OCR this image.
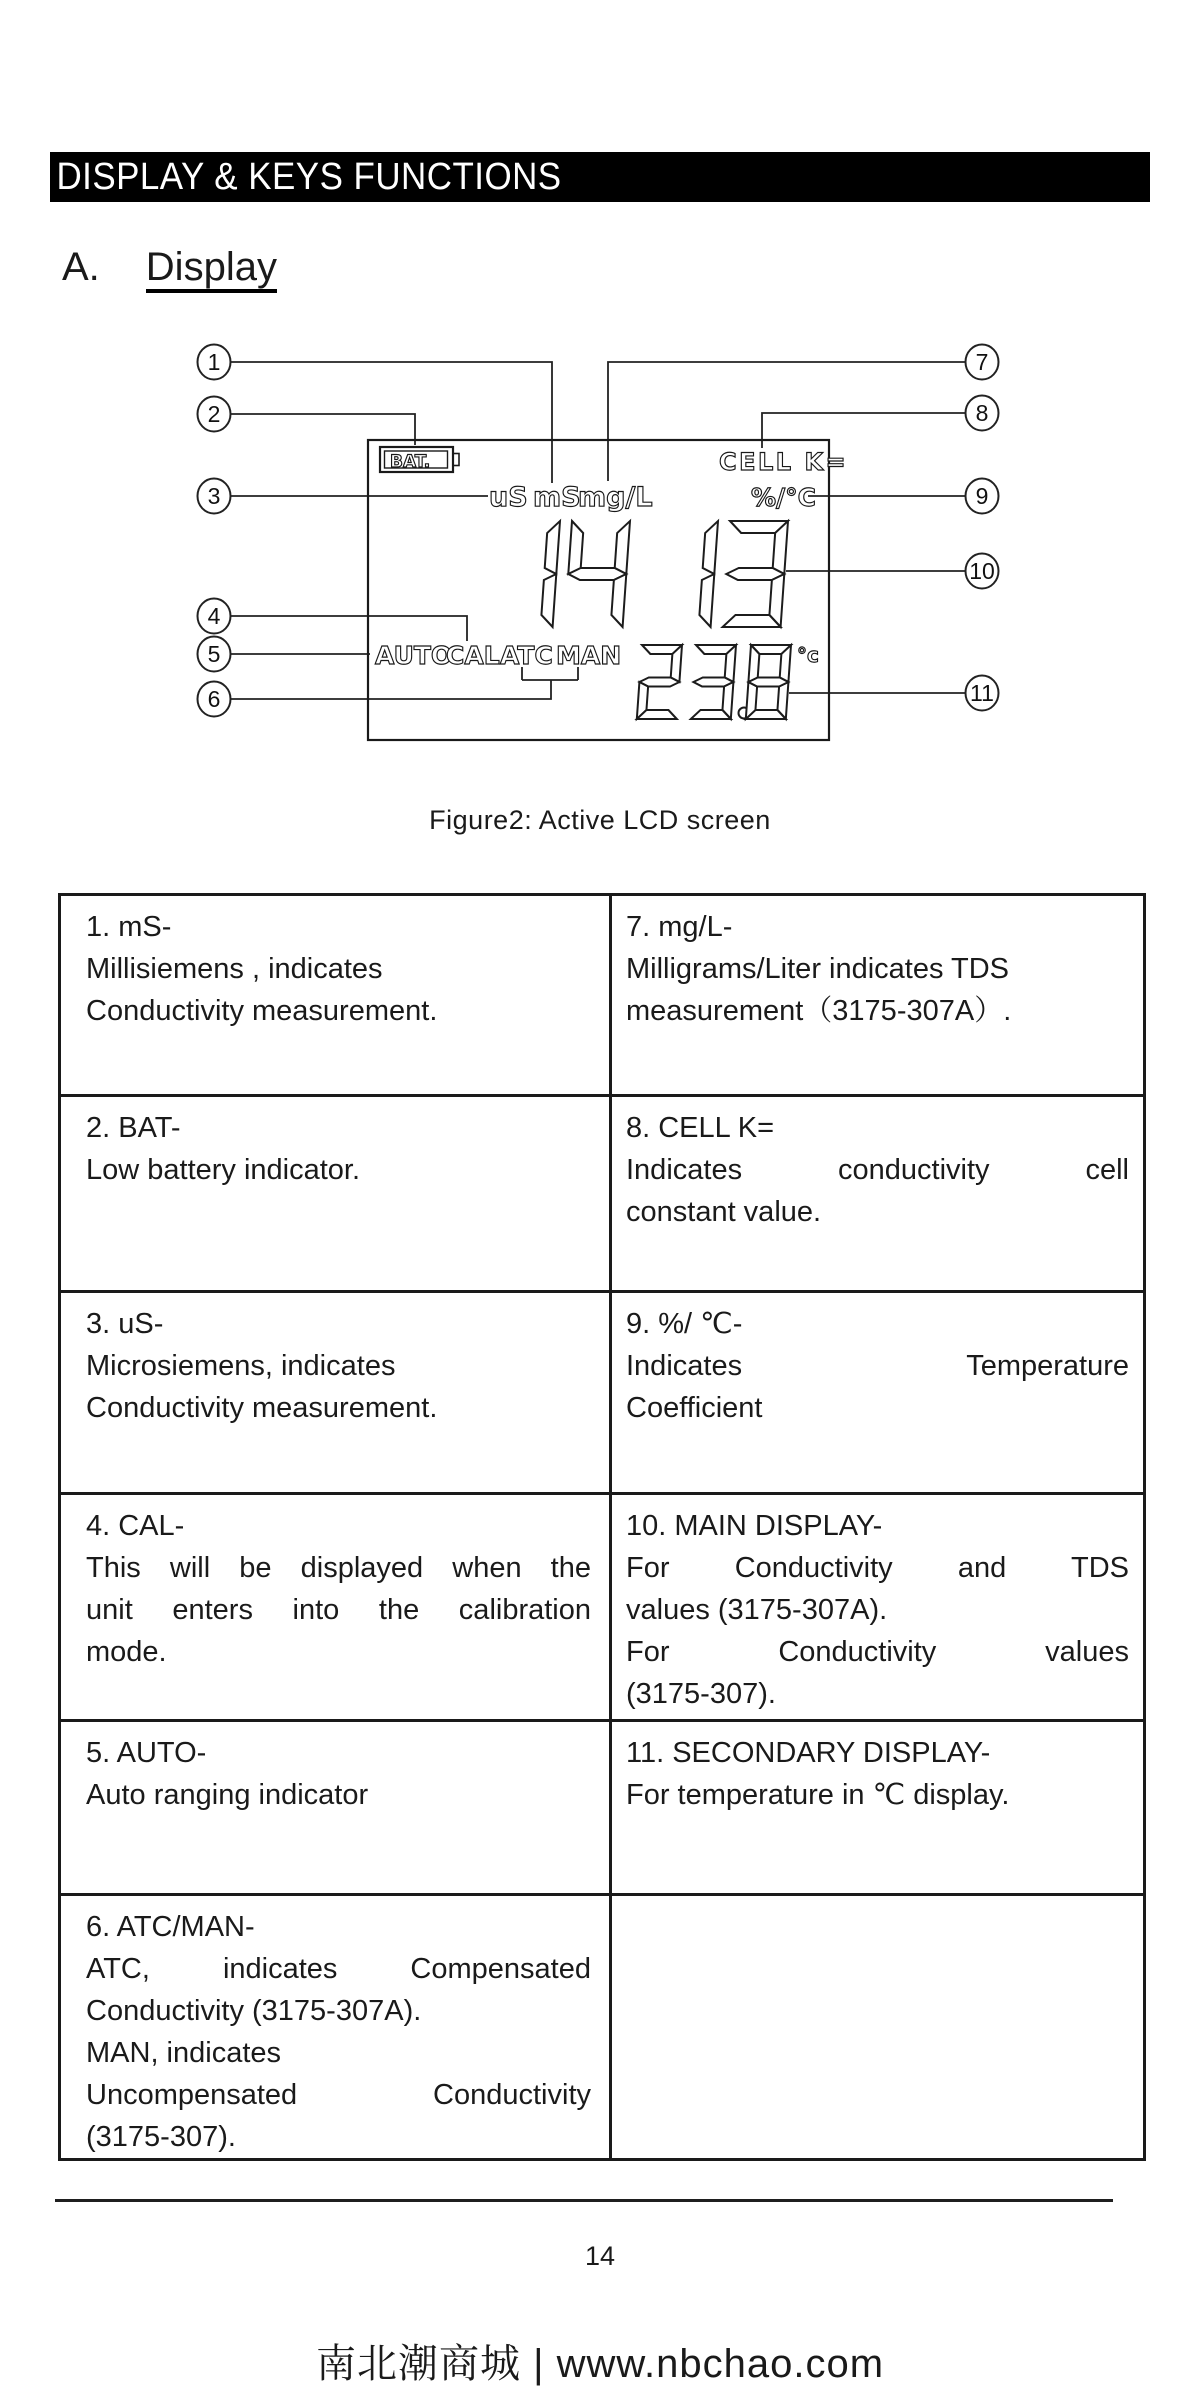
DISPLAY & KEYS FUNCTIONS
A. Display
BAT.	CELL K=
uS mS
mg/L	%/°C
AUTO
CAL ATC MAN	°c
1
2
3
4
5
6
7
8
9
10
11
Figure2: Active LCD screen
1. mS-
Millisiemens , indicates
Conductivity measurement.

7. mg/L-
Milligrams/Liter indicates TDS
measurement（3175-307A）.

2. BAT-
Low battery indicator.

8. CELL K=
Indicates conductivity cell
constant value.

3. uS-
Microsiemens, indicates
Conductivity measurement.

9. %/ ℃-
Indicates Temperature
Coefficient

4. CAL-
This will be displayed when the
unit enters into the calibration
mode.

10. MAIN DISPLAY-
For Conductivity and TDS
values (3175-307A).
For Conductivity values
(3175-307).

5. AUTO-
Auto ranging indicator

11. SECONDARY DISPLAY-
For temperature in ℃ display.

6. ATC/MAN-
ATC, indicates Compensated
Conductivity (3175-307A).
MAN, indicates
Uncompensated Conductivity
(3175-307).

14
南北潮商城 | www.nbchao.com
